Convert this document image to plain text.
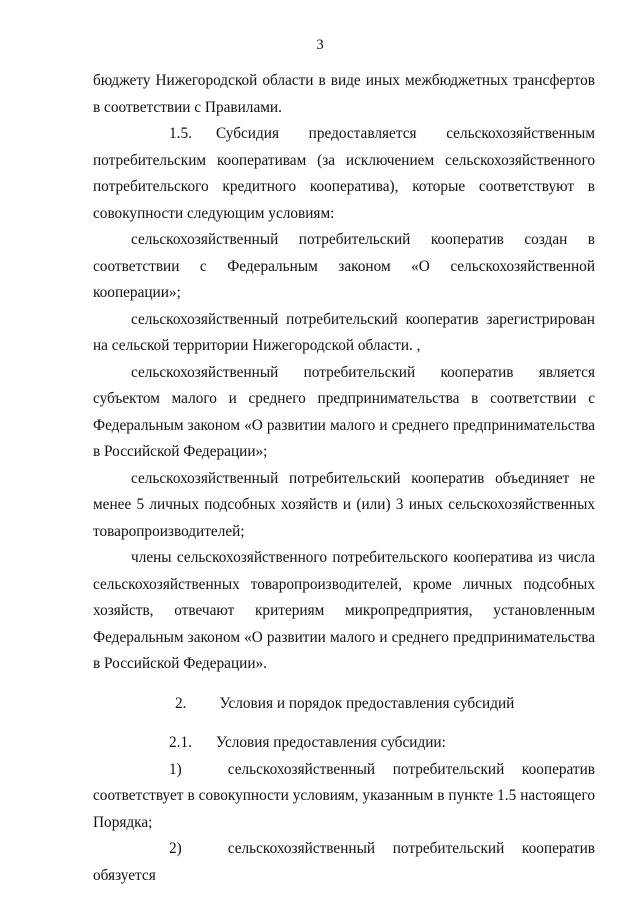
3

бюджету Нижегородской области в виде иных межбюджетных трансфертов в соответствии с Правилами.

1.5. Субсидия предоставляется сельскохозяйственным потребительским кооперативам (за исключением сельскохозяйственного потребительского кредитного кооператива), которые соответствуют в совокупности следующим условиям:

сельскохозяйственный потребительский кооператив создан в соответствии с Федеральным законом «О сельскохозяйственной кооперации»;

сельскохозяйственный потребительский кооператив зарегистрирован на сельской территории Нижегородской области. ,

сельскохозяйственный потребительский кооператив является субъектом малого и среднего предпринимательства в соответствии с Федеральным законом «О развитии малого и среднего предпринимательства в Российской Федерации»;

сельскохозяйственный потребительский кооператив объединяет не менее 5 личных подсобных хозяйств и (или) 3 иных сельскохозяйственных товаропроизводителей;

члены сельскохозяйственного потребительского кооператива из числа сельскохозяйственных товаропроизводителей, кроме личных подсобных хозяйств, отвечают критериям микропредприятия, установленным Федеральным законом «О развитии малого и среднего предпринимательства в Российской Федерации».

2. Условия и порядок предоставления субсидий

2.1. Условия предоставления субсидии:

1)	сельскохозяйственный потребительский кооператив соответствует в совокупности условиям, указанным в пункте 1.5 настоящего Порядка;

2)	сельскохозяйственный потребительский кооператив обязуется
